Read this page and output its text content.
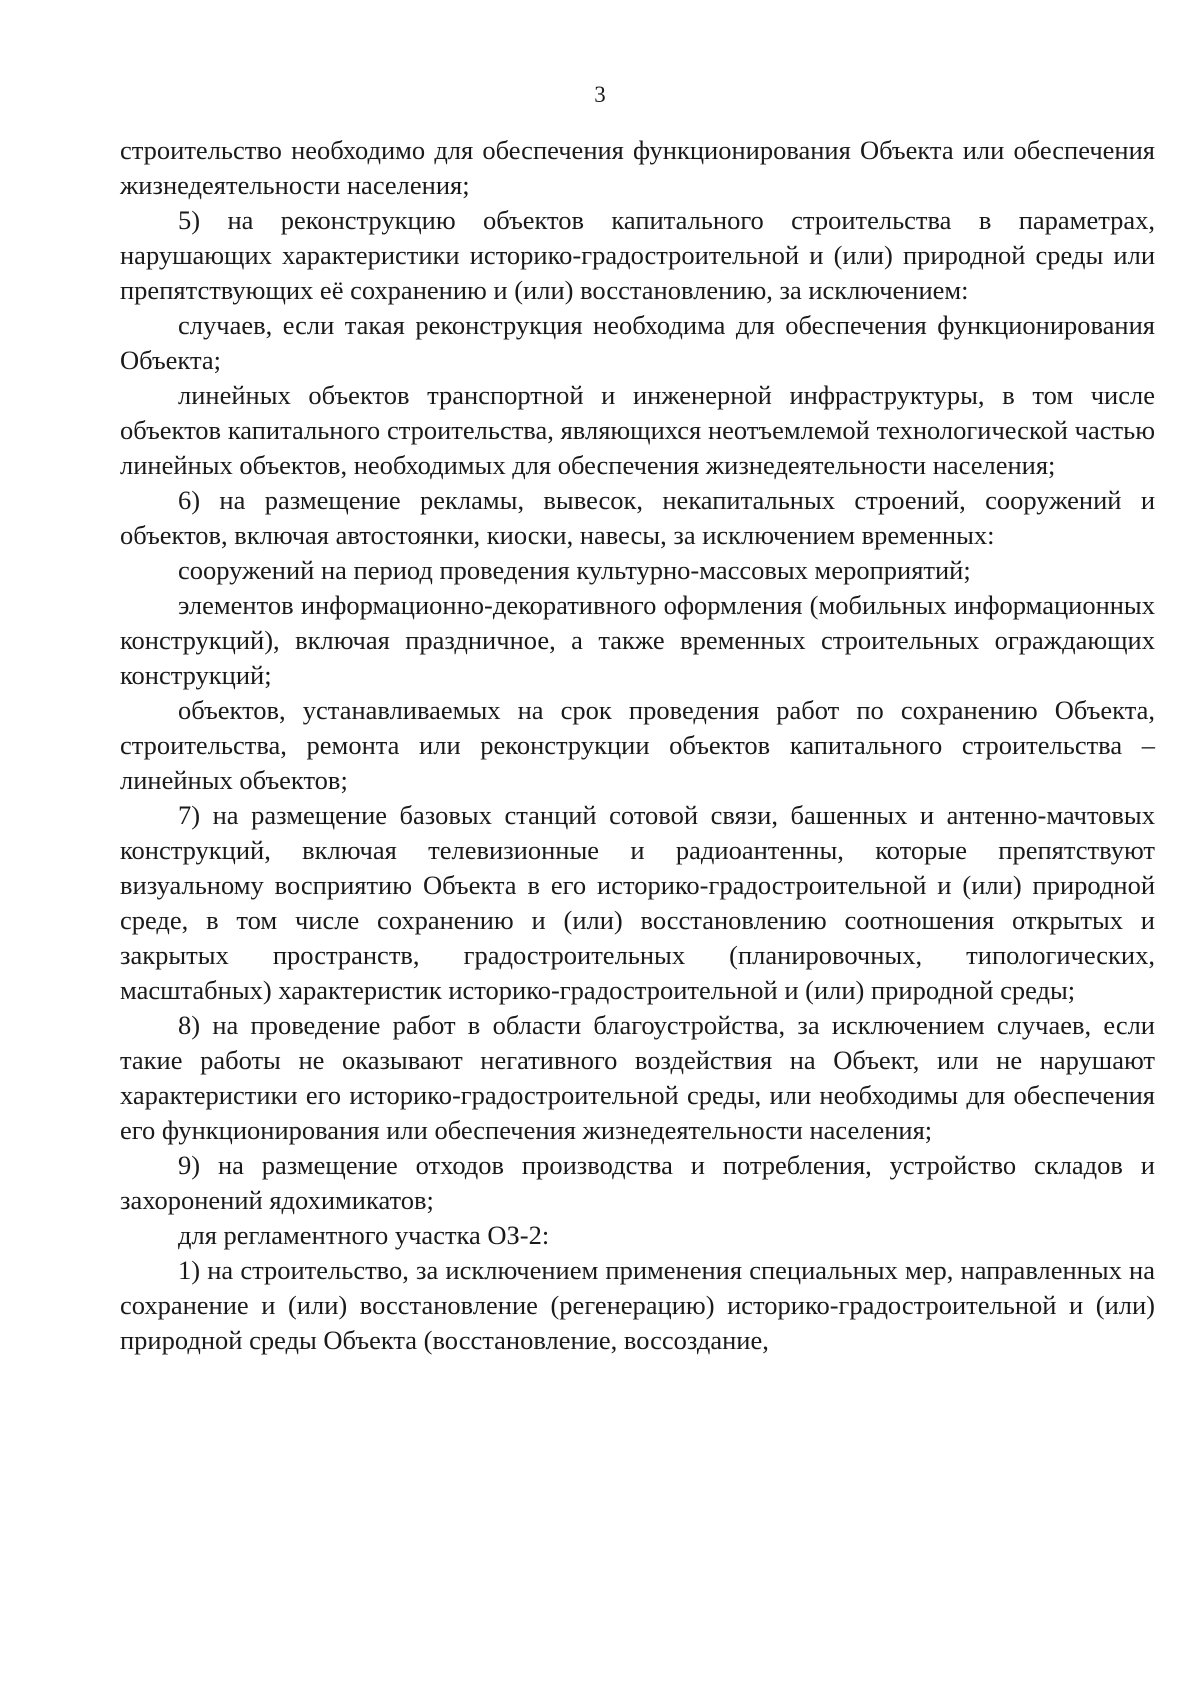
3

строительство необходимо для обеспечения функционирования Объекта или обеспечения жизнедеятельности населения;

5) на реконструкцию объектов капитального строительства в параметрах, нарушающих характеристики историко-градостроительной и (или) природной среды или препятствующих её сохранению и (или) восстановлению, за исключением:

случаев, если такая реконструкция необходима для обеспечения функционирования Объекта;

линейных объектов транспортной и инженерной инфраструктуры, в том числе объектов капитального строительства, являющихся неотъемлемой технологической частью линейных объектов, необходимых для обеспечения жизнедеятельности населения;

6) на размещение рекламы, вывесок, некапитальных строений, сооружений и объектов, включая автостоянки, киоски, навесы, за исключением временных:

сооружений на период проведения культурно-массовых мероприятий;

элементов информационно-декоративного оформления (мобильных информационных конструкций), включая праздничное, а также временных строительных ограждающих конструкций;

объектов, устанавливаемых на срок проведения работ по сохранению Объекта, строительства, ремонта или реконструкции объектов капитального строительства – линейных объектов;

7) на размещение базовых станций сотовой связи, башенных и антенно-мачтовых конструкций, включая телевизионные и радиоантенны, которые препятствуют визуальному восприятию Объекта в его историко-градостроительной и (или) природной среде, в том числе сохранению и (или) восстановлению соотношения открытых и закрытых пространств, градостроительных (планировочных, типологических, масштабных) характеристик историко-градостроительной и (или) природной среды;

8) на проведение работ в области благоустройства, за исключением случаев, если такие работы не оказывают негативного воздействия на Объект, или не нарушают характеристики его историко-градостроительной среды, или необходимы для обеспечения его функционирования или обеспечения жизнедеятельности населения;

9) на размещение отходов производства и потребления, устройство складов и захоронений ядохимикатов;

для регламентного участка ОЗ-2:

1) на строительство, за исключением применения специальных мер, направленных на сохранение и (или) восстановление (регенерацию) историко-градостроительной и (или) природной среды Объекта (восстановление, воссоздание,
